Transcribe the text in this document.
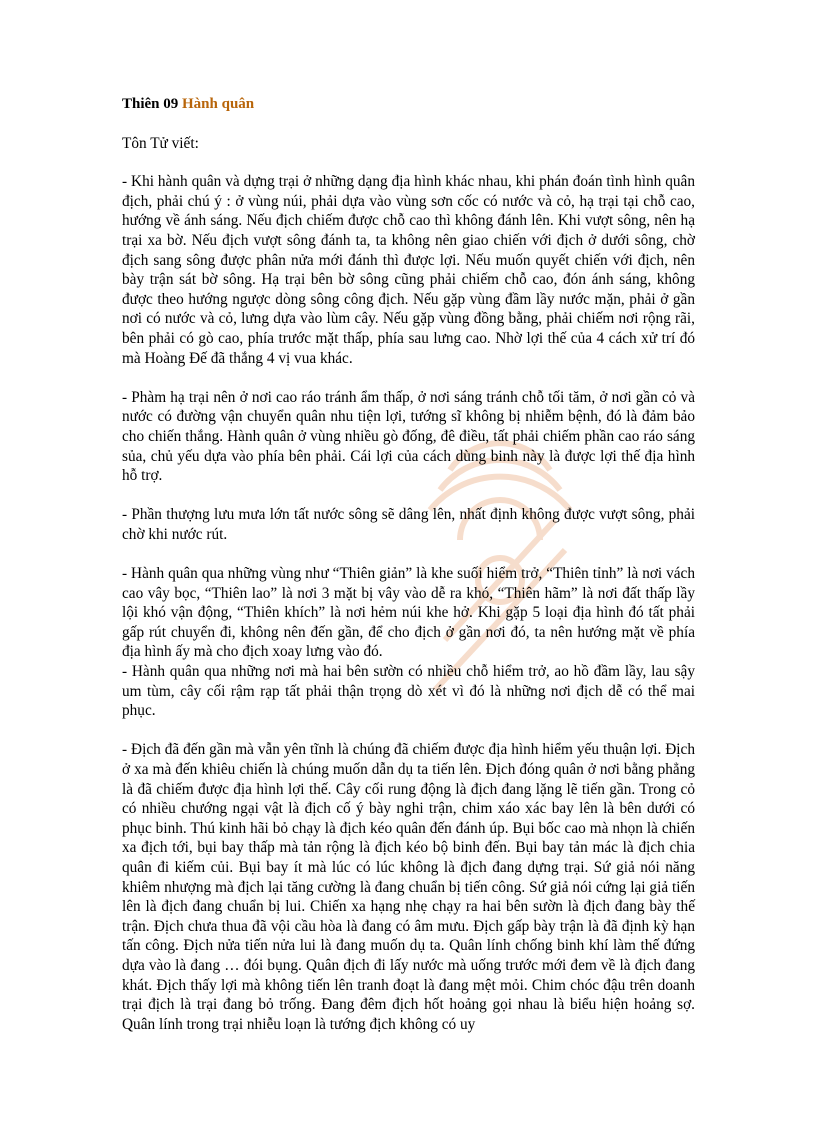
Thiên 09 Hành quân

Tôn Tử viết:

- Khi hành quân và dựng trại ở những dạng địa hình khác nhau, khi phán đoán tình hình quân địch, phải chú ý : ở vùng núi, phải dựa vào vùng sơn cốc có nước và cỏ, hạ trại tại chỗ cao, hướng về ánh sáng. Nếu địch chiếm được chỗ cao thì không đánh lên. Khi vượt sông, nên hạ trại xa bờ. Nếu địch vượt sông đánh ta, ta không nên giao chiến với địch ở dưới sông, chờ địch sang sông được phân nửa mới đánh thì được lợi. Nếu muốn quyết chiến với địch, nên bày trận sát bờ sông. Hạ trại bên bờ sông cũng phải chiếm chỗ cao, đón ánh sáng, không được theo hướng ngược dòng sông công địch. Nếu gặp vùng đầm lầy nước mặn, phải ở gần nơi có nước và cỏ, lưng dựa vào lùm cây. Nếu gặp vùng đồng bằng, phải chiếm nơi rộng rãi, bên phải có gò cao, phía trước mặt thấp, phía sau lưng cao. Nhờ lợi thế của 4 cách xử trí đó mà Hoàng Đế đã thắng 4 vị vua khác.

- Phàm hạ trại nên ở nơi cao ráo tránh ẩm thấp, ở nơi sáng tránh chỗ tối tăm, ở nơi gần cỏ và nước có đường vận chuyển quân nhu tiện lợi, tướng sĩ không bị nhiễm bệnh, đó là đảm bảo cho chiến thắng. Hành quân ở vùng nhiều gò đống, đê điều, tất phải chiếm phần cao ráo sáng sủa, chủ yếu dựa vào phía bên phải. Cái lợi của cách dùng binh này là được lợi thế địa hình hỗ trợ.

- Phần thượng lưu mưa lớn tất nước sông sẽ dâng lên, nhất định không được vượt sông, phải chờ khi nước rút.

- Hành quân qua những vùng như “Thiên giản” là khe suối hiểm trở, “Thiên tỉnh” là nơi vách cao vây bọc, “Thiên lao” là nơi 3 mặt bị vây vào dễ ra khó, “Thiên hãm” là nơi đất thấp lầy lội khó vận động, “Thiên khích” là nơi hẻm núi khe hở. Khi gặp 5 loại địa hình đó tất phải gấp rút chuyển đi, không nên đến gần, để cho địch ở gần nơi đó, ta nên hướng mặt về phía địa hình ấy mà cho địch xoay lưng vào đó.

- Hành quân qua những nơi mà hai bên sườn có nhiều chỗ hiểm trở, ao hồ đầm lầy, lau sậy um tùm, cây cối rậm rạp tất phải thận trọng dò xét vì đó là những nơi địch dễ có thể mai phục.

- Địch đã đến gần mà vẫn yên tĩnh là chúng đã chiếm được địa hình hiểm yếu thuận lợi. Địch ở xa mà đến khiêu chiến là chúng muốn dẫn dụ ta tiến lên. Địch đóng quân ở nơi bằng phẳng là đã chiếm được địa hình lợi thế. Cây cối rung động là địch đang lặng lẽ tiến gần. Trong cỏ có nhiều chướng ngại vật là địch cố ý bày nghi trận, chim xáo xác bay lên là bên dưới có phục binh. Thú kinh hãi bỏ chạy là địch kéo quân đến đánh úp. Bụi bốc cao mà nhọn là chiến xa địch tới, bụi bay thấp mà tản rộng là địch kéo bộ binh đến. Bụi bay tản mác là địch chia quân đi kiếm củi. Bụi bay ít mà lúc có lúc không là địch đang dựng trại. Sứ giả nói năng khiêm nhượng mà địch lại tăng cường là đang chuẩn bị tiến công. Sứ giả nói cứng lại giả tiến lên là địch đang chuẩn bị lui. Chiến xa hạng nhẹ chạy ra hai bên sườn là địch đang bày thế trận. Địch chưa thua đã vội cầu hòa là đang có âm mưu. Địch gấp bày trận là đã định kỳ hạn tấn công. Địch nửa tiến nửa lui là đang muốn dụ ta. Quân lính chống binh khí làm thế đứng dựa vào là đang … đói bụng. Quân địch đi lấy nước mà uống trước mới đem về là địch đang khát. Địch thấy lợi mà không tiến lên tranh đoạt là đang mệt mỏi. Chim chóc đậu trên doanh trại địch là trại đang bỏ trống. Đang đêm địch hốt hoảng gọi nhau là biểu hiện hoảng sợ. Quân lính trong trại nhiễu loạn là tướng địch không có uy
